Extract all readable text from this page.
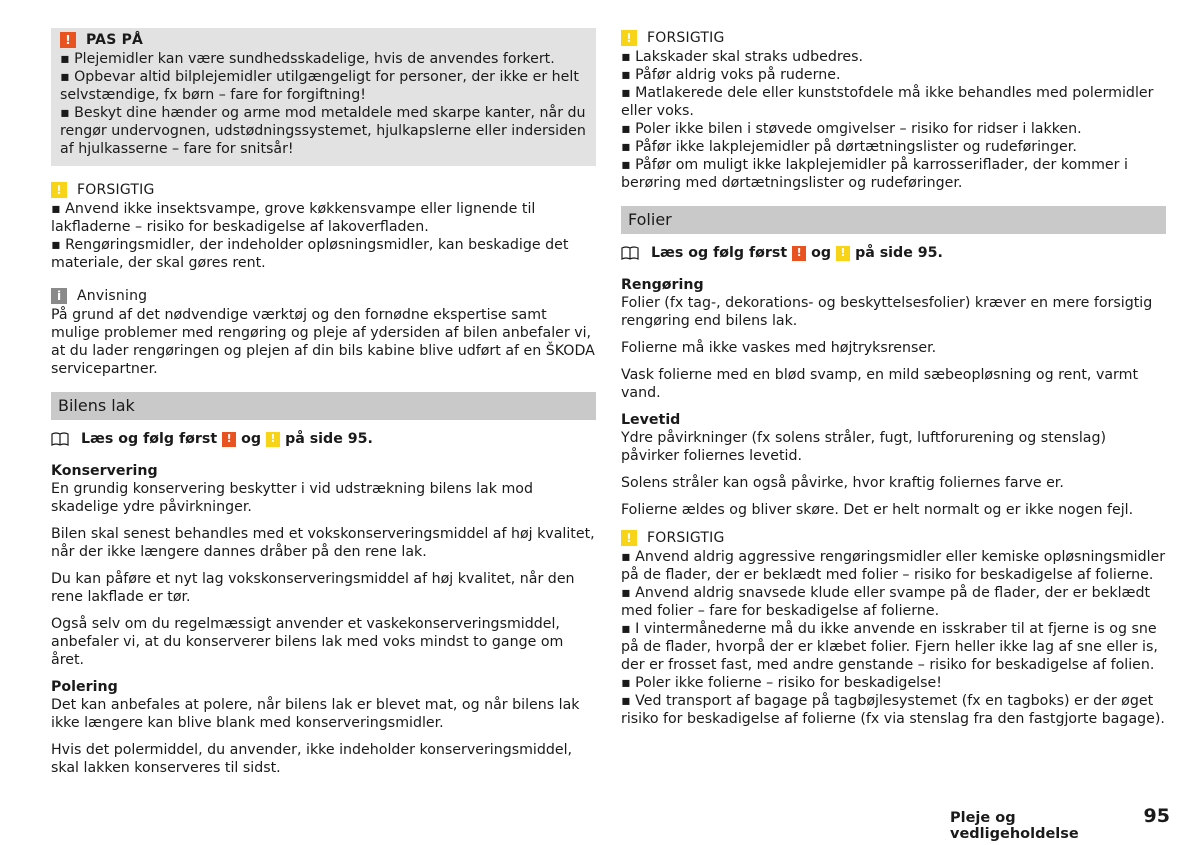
!	PAS PÅ

▪ Plejemidler kan være sundhedsskadelige, hvis de anvendes forkert.

▪ Opbevar altid bilplejemidler utilgængeligt for personer, der ikke er helt selvstændige, fx børn – fare for forgiftning!

▪ Beskyt dine hænder og arme mod metaldele med skarpe kanter, når du rengør undervognen, udstødningssystemet, hjulkapslerne eller indersiden af hjulkasserne – fare for snitsår!

!	FORSIGTIG

▪ Anvend ikke insektsvampe, grove køkkensvampe eller lignende til lakfladerne – risiko for beskadigelse af lakoverfladen.

▪ Rengøringsmidler, der indeholder opløsningsmidler, kan beskadige det materiale, der skal gøres rent.

i	Anvisning

På grund af det nødvendige værktøj og den fornødne ekspertise samt mulige problemer med rengøring og pleje af ydersiden af bilen anbefaler vi, at du lader rengøringen og plejen af din bils kabine blive udført af en ŠKODA servicepartner.

Bilens lak
Læs og følg først ! og ! på side 95.
Konservering

En grundig konservering beskytter i vid udstrækning bilens lak mod skadelige ydre påvirkninger.

Bilen skal senest behandles med et vokskonserveringsmiddel af høj kvalitet, når der ikke længere dannes dråber på den rene lak.

Du kan påføre et nyt lag vokskonserveringsmiddel af høj kvalitet, når den rene lakflade er tør.

Også selv om du regelmæssigt anvender et vaskekonserveringsmiddel, anbefaler vi, at du konserverer bilens lak med voks mindst to gange om året.

Polering

Det kan anbefales at polere, når bilens lak er blevet mat, og når bilens lak ikke længere kan blive blank med konserveringsmidler.

Hvis det polermiddel, du anvender, ikke indeholder konserveringsmiddel, skal lakken konserveres til sidst.

!	FORSIGTIG

▪ Lakskader skal straks udbedres.

▪ Påfør aldrig voks på ruderne.

▪ Matlakerede dele eller kunststofdele må ikke behandles med polermidler eller voks.

▪ Poler ikke bilen i støvede omgivelser – risiko for ridser i lakken.

▪ Påfør ikke lakplejemidler på dørtætningslister og rudeføringer.

▪ Påfør om muligt ikke lakplejemidler på karrosseriflader, der kommer i berøring med dørtætningslister og rudeføringer.

Folier
Læs og følg først ! og ! på side 95.
Rengøring

Folier (fx tag-, dekorations- og beskyttelsesfolier) kræver en mere forsigtig rengøring end bilens lak.

Folierne må ikke vaskes med højtryksrenser.

Vask folierne med en blød svamp, en mild sæbeopløsning og rent, varmt vand.

Levetid

Ydre påvirkninger (fx solens stråler, fugt, luftforurening og stenslag) påvirker foliernes levetid.

Solens stråler kan også påvirke, hvor kraftig foliernes farve er.

Folierne ældes og bliver skøre. Det er helt normalt og er ikke nogen fejl.

!	FORSIGTIG

▪ Anvend aldrig aggressive rengøringsmidler eller kemiske opløsningsmidler på de flader, der er beklædt med folier – risiko for beskadigelse af folierne.

▪ Anvend aldrig snavsede klude eller svampe på de flader, der er beklædt med folier – fare for beskadigelse af folierne.

▪ I vintermånederne må du ikke anvende en isskraber til at fjerne is og sne på de flader, hvorpå der er klæbet folier. Fjern heller ikke lag af sne eller is, der er frosset fast, med andre genstande – risiko for beskadigelse af folien.

▪ Poler ikke folierne – risiko for beskadigelse!

▪ Ved transport af bagage på tagbøjlesystemet (fx en tagboks) er der øget risiko for beskadigelse af folierne (fx via stenslag fra den fastgjorte bagage).

Pleje og vedligeholdelse
95
